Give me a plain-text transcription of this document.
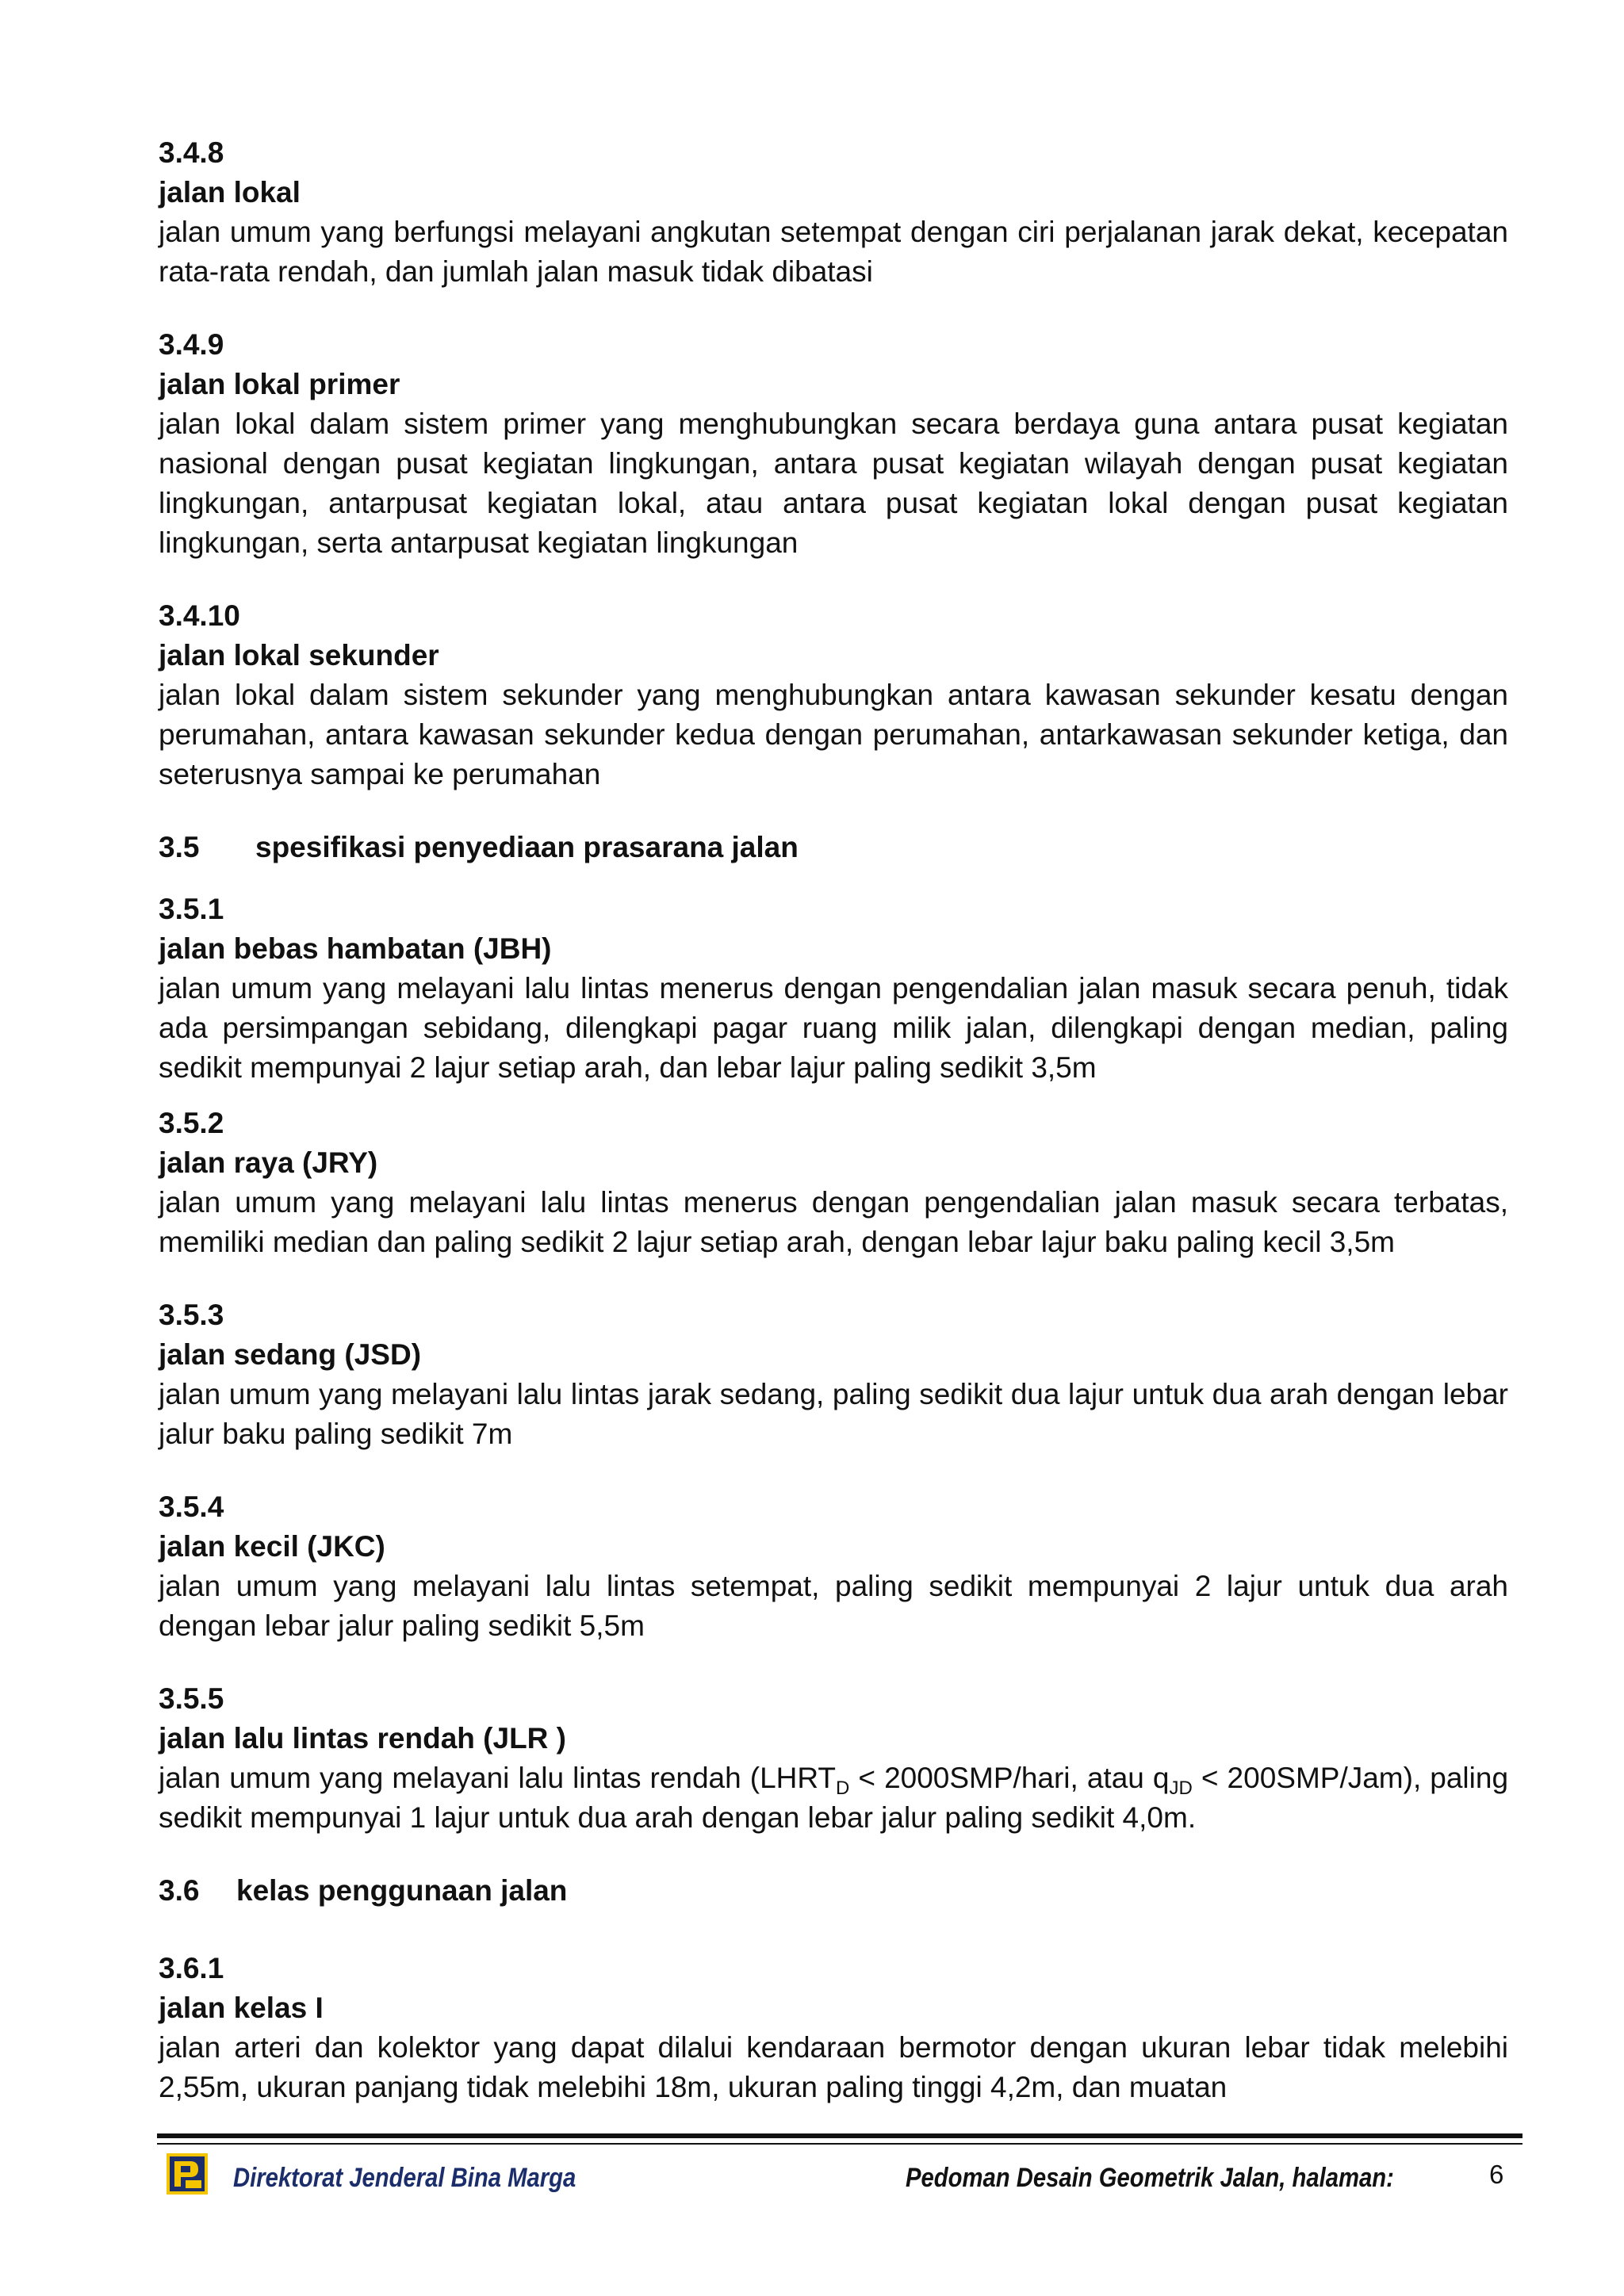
3.4.8
jalan lokal
jalan umum yang berfungsi melayani angkutan setempat dengan ciri perjalanan jarak dekat, kecepatan rata-rata rendah, dan jumlah jalan masuk tidak dibatasi
3.4.9
jalan lokal primer
jalan lokal dalam sistem primer yang menghubungkan secara berdaya guna antara pusat kegiatan nasional dengan pusat kegiatan lingkungan, antara pusat kegiatan wilayah dengan pusat kegiatan lingkungan, antarpusat kegiatan lokal, atau antara pusat kegiatan lokal dengan pusat kegiatan lingkungan, serta antarpusat kegiatan lingkungan
3.4.10
jalan lokal sekunder
jalan lokal dalam sistem sekunder yang menghubungkan antara kawasan sekunder kesatu dengan perumahan, antara kawasan sekunder kedua dengan perumahan, antarkawasan sekunder ketiga, dan seterusnya sampai ke perumahan
3.5	spesifikasi penyediaan prasarana jalan
3.5.1
jalan bebas hambatan (JBH)
jalan umum yang melayani lalu lintas menerus dengan pengendalian jalan masuk secara penuh, tidak ada persimpangan sebidang, dilengkapi pagar ruang milik jalan, dilengkapi dengan median, paling sedikit mempunyai 2 lajur setiap arah, dan lebar lajur paling sedikit 3,5m
3.5.2
jalan raya (JRY)
jalan umum yang melayani lalu lintas menerus dengan pengendalian jalan masuk secara terbatas, memiliki median dan paling sedikit 2 lajur setiap arah, dengan lebar lajur baku paling kecil 3,5m
3.5.3
jalan sedang (JSD)
jalan umum yang melayani lalu lintas jarak sedang, paling sedikit dua lajur untuk dua arah dengan lebar jalur baku paling sedikit 7m
3.5.4
jalan kecil (JKC)
jalan umum yang melayani lalu lintas setempat, paling sedikit mempunyai 2 lajur untuk dua arah dengan lebar jalur paling sedikit 5,5m
3.5.5
jalan lalu lintas rendah (JLR )
jalan umum yang melayani lalu lintas rendah ($LHRT_D$ < 2000SMP/hari, atau $q_{JD} < 200SMP/Jam$), paling sedikit mempunyai 1 lajur untuk dua arah dengan lebar jalur paling sedikit 4,0m.
3.6	kelas penggunaan jalan
3.6.1
jalan kelas I
jalan arteri dan kolektor yang dapat dilalui kendaraan bermotor dengan ukuran lebar tidak melebihi 2,55m, ukuran panjang tidak melebihi 18m, ukuran paling tinggi 4,2m, dan muatan
Direktorat Jenderal Bina Marga	Pedoman Desain Geometrik Jalan, halaman:	6
